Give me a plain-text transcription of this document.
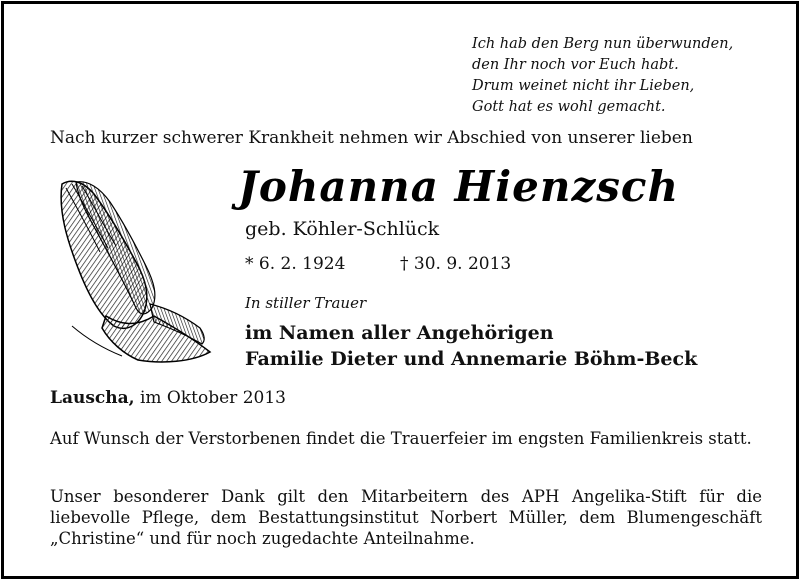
Ich hab den Berg nun überwunden,
den Ihr noch vor Euch habt.
Drum weinet nicht ihr Lieben,
Gott hat es wohl gemacht.
Nach kurzer schwerer Krankheit nehmen wir Abschied von unserer lieben
Johanna Hienzsch
geb. Köhler-Schlück
* 6. 2. 1924	† 30. 9. 2013
In stiller Trauer
im Namen aller Angehörigen
Familie Dieter und Annemarie Böhm-Beck
Lauscha, im Oktober 2013
Auf Wunsch der Verstorbenen findet die Trauerfeier im engsten Familienkreis statt.
Unser besonderer Dank gilt den Mitarbeitern des APH Angelika-Stift für die liebevolle Pflege, dem Bestattungsinstitut Norbert Müller, dem Blumengeschäft „Christine“ und für noch zugedachte Anteilnahme.
